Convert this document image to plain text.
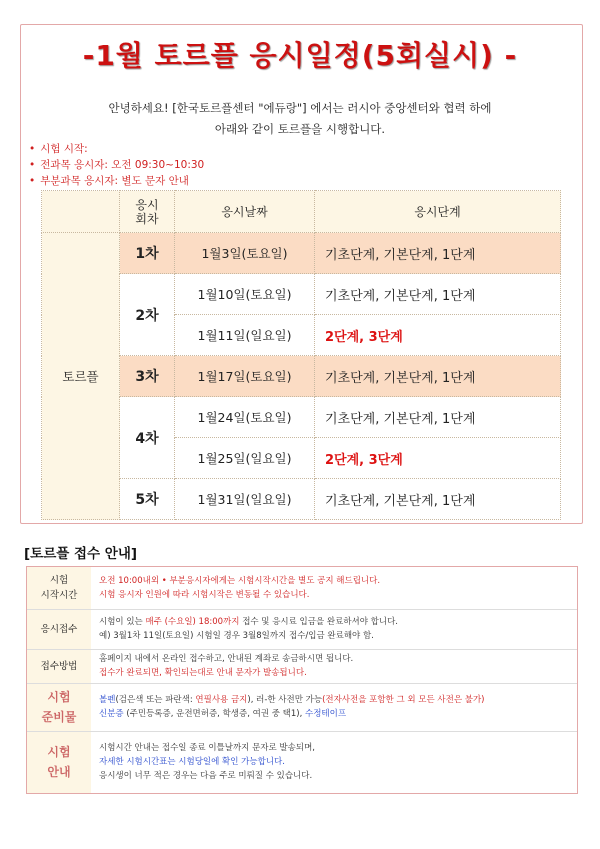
-1월 토르플 응시일정(5회실시) -
안녕하세요! [한국토르플센터 "에듀랑"] 에서는 러시아 중앙센터와 협력 하에
아래와 같이 토르플을 시행합니다.
• 시험 시작:
• 전과목 응시자: 오전 09:30~10:30
• 부분과목 응시자: 별도 문자 안내
	응시
회차	응시날짜	응시단계
토르플	1차	1월3일(토요일)	기초단계, 기본단계, 1단계
	2차	1월10일(토요일)	기초단계, 기본단계, 1단계
		1월11일(일요일)	2단계, 3단계
	3차	1월17일(토요일)	기초단계, 기본단계, 1단계
	4차	1월24일(토요일)	기초단계, 기본단계, 1단계
		1월25일(일요일)	2단계, 3단계
	5차	1월31일(일요일)	기초단계, 기본단계, 1단계
[토르플 접수 안내]
시험
시작시간	오전 10:00내외 • 부분응시자에게는 시험시작시간을 별도 공지 해드립니다.
시험 응시자 인원에 따라 시험시작은 변동될 수 있습니다.
응시접수	시험이 있는 매주 (수요일) 18:00까지 접수 및 응시료 입금을 완료하셔야 합니다.
예) 3월1차 11일(토요일) 시험일 경우 3월8일까지 접수/입금 완료해야 함.
접수방법	홈페이지 내에서 온라인 접수하고, 안내된 계좌로 송금하시면 됩니다.
접수가 완료되면, 확인되는대로 안내 문자가 발송됩니다.
시험
준비물	볼펜(검은색 또는 파란색: 연필사용 금지), 러-한 사전만 가능(전자사전을 포함한 그 외 모든 사전은 불가)
신분증 (주민등록증, 운전면허증, 학생증, 여권 중 택1), 수정테이프
시험
안내	시험시간 안내는 접수일 종료 이틀날까지 문자로 발송되며,
자세한 시험시간표는 시험당일에 확인 가능합니다.
응시생이 너무 적은 경우는 다음 주로 미뤄질 수 있습니다.
